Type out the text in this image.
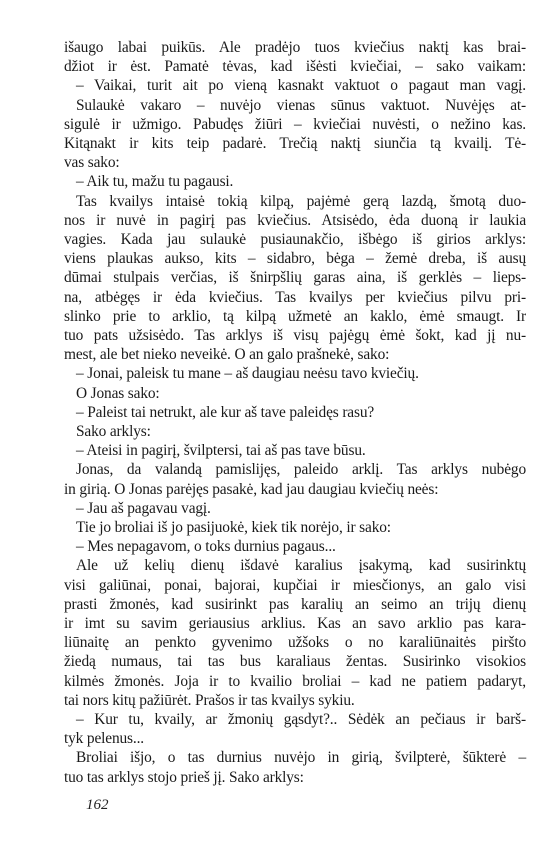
išaugo labai puikūs. Ale pradėjo tuos kviečius naktį kas brai-
džiot ir ėst. Pamatė tėvas, kad išėsti kviečiai, – sako vaikam:
– Vaikai, turit ait po vieną kasnakt vaktuot o pagaut man vagį.
Sulaukė vakaro – nuvėjo vienas sūnus vaktuot. Nuvėjęs at-
sigulė ir užmigo. Pabudęs žiūri – kviečiai nuvėsti, o nežino kas.
Kitąnakt ir kits teip padarė. Trečią naktį siunčia tą kvailį. Tė-
vas sako:
– Aik tu, mažu tu pagausi.
Tas kvailys intaisė tokią kilpą, pajėmė gerą lazdą, šmotą duo-
nos ir nuvė in pagirį pas kviečius. Atsisėdo, ėda duoną ir laukia
vagies. Kada jau sulaukė pusiaunakčio, išbėgo iš girios arklys:
viens plaukas aukso, kits – sidabro, bėga – žemė dreba, iš ausų
dūmai stulpais verčias, iš šnirpšlių garas aina, iš gerklės – lieps-
na, atbėgęs ir ėda kviečius. Tas kvailys per kviečius pilvu pri-
slinko prie to arklio, tą kilpą užmetė an kaklo, ėmė smaugt. Ir
tuo pats užsisėdo. Tas arklys iš visų pajėgų ėmė šokt, kad jį nu-
mest, ale bet nieko neveikė. O an galo prašnekė, sako:
– Jonai, paleisk tu mane – aš daugiau neėsu tavo kviečių.
O Jonas sako:
– Paleist tai netrukt, ale kur aš tave paleidęs rasu?
Sako arklys:
– Ateisi in pagirį, švilptersi, tai aš pas tave būsu.
Jonas, da valandą pamislijęs, paleido arklį. Tas arklys nubėgo
in girią. O Jonas parėjęs pasakė, kad jau daugiau kviečių neės:
– Jau aš pagavau vagį.
Tie jo broliai iš jo pasijuokė, kiek tik norėjo, ir sako:
– Mes nepagavom, o toks durnius pagaus...
Ale už kelių dienų išdavė karalius įsakymą, kad susirinktų
visi galiūnai, ponai, bajorai, kupčiai ir miesčionys, an galo visi
prasti žmonės, kad susirinkt pas karalių an seimo an trijų dienų
ir imt su savim geriausius arklius. Kas an savo arklio pas kara-
liūnaitę an penkto gyvenimo užšoks o no karaliūnaitės piršto
žiedą numaus, tai tas bus karaliaus žentas. Susirinko visokios
kilmės žmonės. Joja ir to kvailio broliai – kad ne patiem padaryt,
tai nors kitų pažiūrėt. Prašos ir tas kvailys sykiu.
– Kur tu, kvaily, ar žmonių gąsdyt?.. Sėdėk an pečiaus ir barš-
tyk pelenus...
Broliai išjo, o tas durnius nuvėjo in girią, švilpterė, šūkterė –
tuo tas arklys stojo prieš jį. Sako arklys:
162
